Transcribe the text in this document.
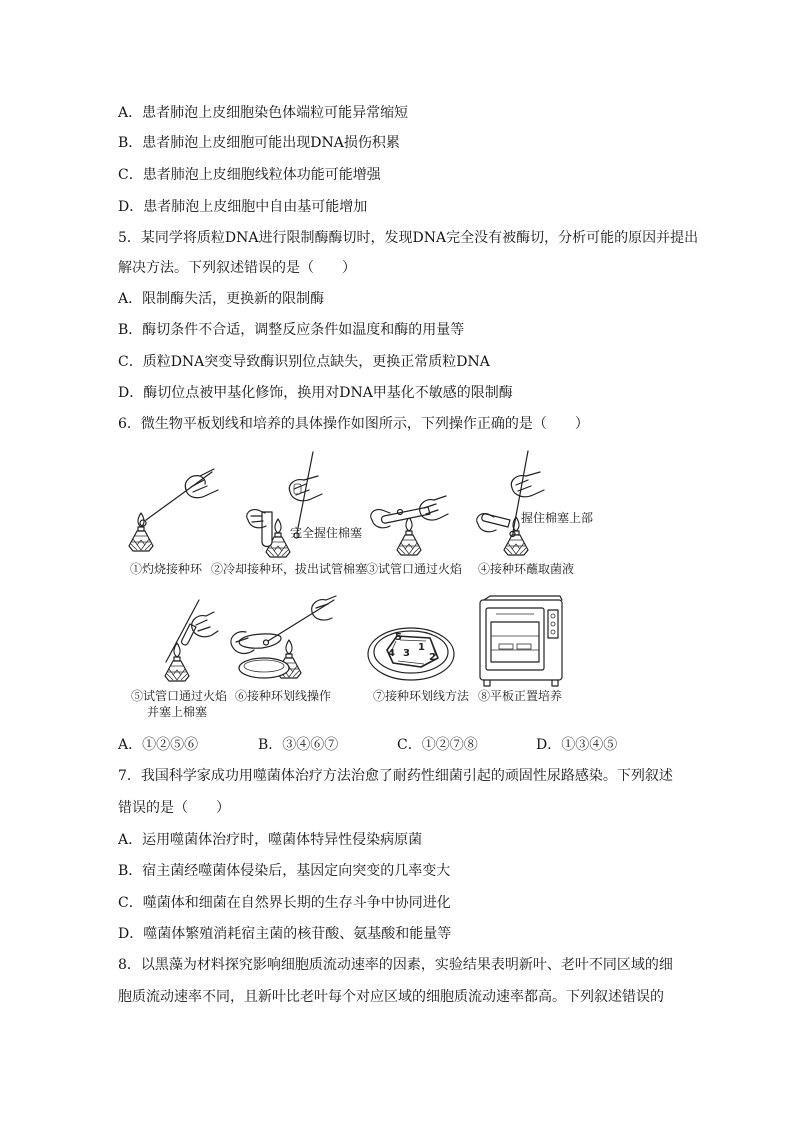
A．患者肺泡上皮细胞染色体端粒可能异常缩短
B．患者肺泡上皮细胞可能出现DNA损伤积累
C．患者肺泡上皮细胞线粒体功能可能增强
D．患者肺泡上皮细胞中自由基可能增加
5．某同学将质粒DNA进行限制酶酶切时，发现DNA完全没有被酶切，分析可能的原因并提出
解决方法。下列叙述错误的是（　　）
A．限制酶失活，更换新的限制酶
B．酶切条件不合适，调整反应条件如温度和酶的用量等
C．质粒DNA突变导致酶识别位点缺失，更换正常质粒DNA
D．酶切位点被甲基化修饰，换用对DNA甲基化不敏感的限制酶
6．微生物平板划线和培养的具体操作如图所示，下列操作正确的是（　　）
5
4 3
1
2
①灼烧接种环 ②冷却接种环，拔出试管棉塞
③试管口通过火焰 ④接种环蘸取菌液
完全握住棉塞
握住棉塞上部
⑤试管口通过火焰
并塞上棉塞
⑥接种环划线操作	⑦接种环划线方法 ⑧平板正置培养
A．①②⑤⑥	B．③④⑥⑦	C．①②⑦⑧	D．①③④⑤
7．我国科学家成功用噬菌体治疗方法治愈了耐药性细菌引起的顽固性尿路感染。下列叙述
错误的是（　　）
A．运用噬菌体治疗时，噬菌体特异性侵染病原菌
B．宿主菌经噬菌体侵染后，基因定向突变的几率变大
C．噬菌体和细菌在自然界长期的生存斗争中协同进化
D．噬菌体繁殖消耗宿主菌的核苷酸、氨基酸和能量等
8．以黑藻为材料探究影响细胞质流动速率的因素，实验结果表明新叶、老叶不同区域的细
胞质流动速率不同，且新叶比老叶每个对应区域的细胞质流动速率都高。下列叙述错误的
